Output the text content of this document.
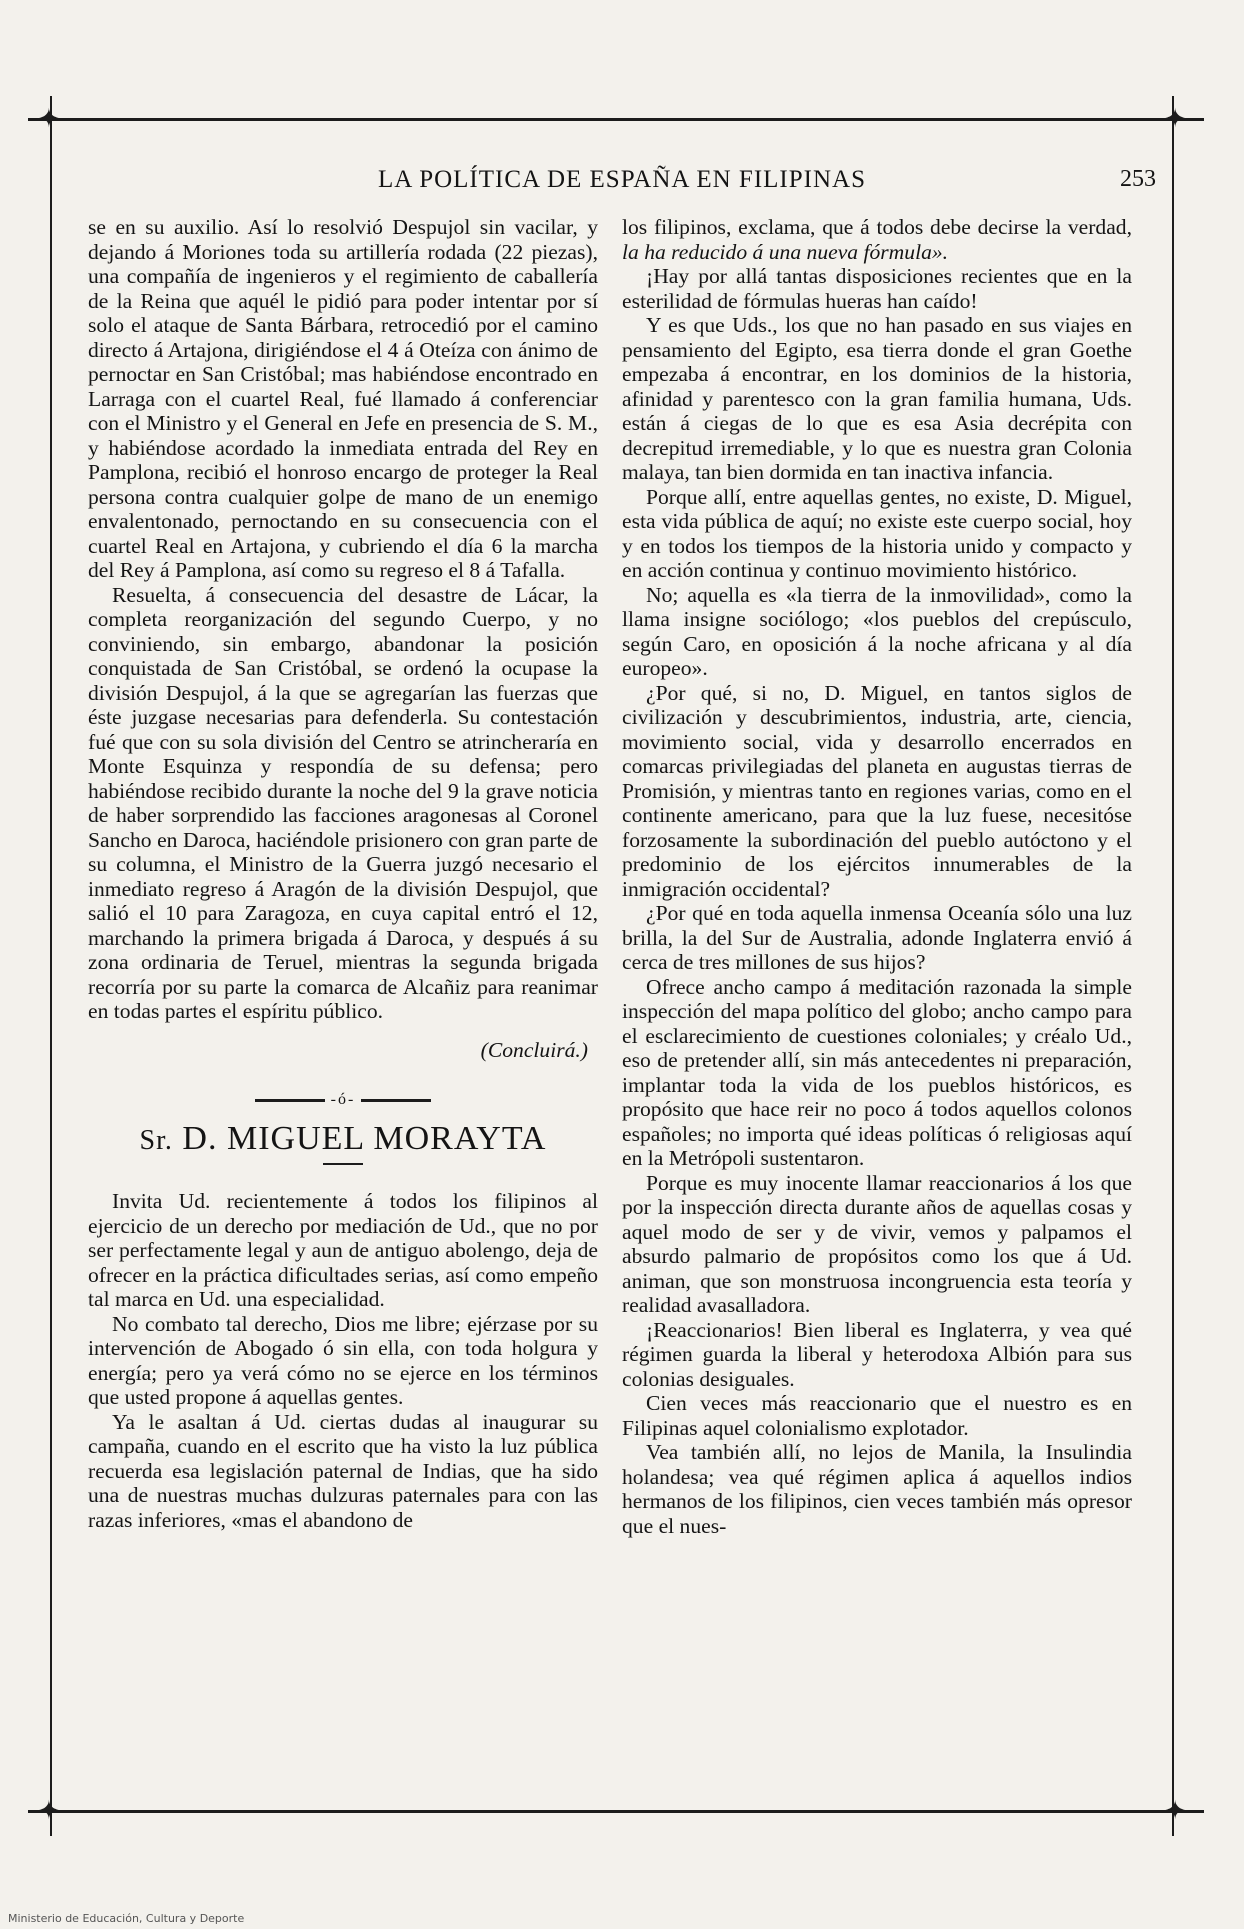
✦	✦
✦	✦
LA POLÍTICA DE ESPAÑA EN FILIPINAS	253

se en su auxilio. Así lo resolvió Despujol sin vacilar, y dejando á Moriones toda su artillería rodada (22 piezas), una compañía de ingenieros y el regimiento de caballería de la Reina que aquél le pidió para poder intentar por sí solo el ataque de Santa Bárbara, retrocedió por el camino directo á Artajona, dirigiéndose el 4 á Oteíza con ánimo de pernoctar en San Cristóbal; mas habiéndose encontrado en Larraga con el cuartel Real, fué llamado á conferenciar con el Ministro y el General en Jefe en presencia de S. M., y habiéndose acordado la inmediata entrada del Rey en Pamplona, recibió el honroso encargo de proteger la Real persona contra cualquier golpe de mano de un enemigo envalentonado, pernoctando en su consecuencia con el cuartel Real en Artajona, y cubriendo el día 6 la marcha del Rey á Pamplona, así como su regreso el 8 á Tafalla.

Resuelta, á consecuencia del desastre de Lácar, la completa reorganización del segundo Cuerpo, y no conviniendo, sin embargo, abandonar la posición conquistada de San Cristóbal, se ordenó la ocupase la división Despujol, á la que se agregarían las fuerzas que éste juzgase necesarias para defenderla. Su contestación fué que con su sola división del Centro se atrincheraría en Monte Esquinza y respondía de su defensa; pero habiéndose recibido durante la noche del 9 la grave noticia de haber sorprendido las facciones aragonesas al Coronel Sancho en Daroca, haciéndole prisionero con gran parte de su columna, el Ministro de la Guerra juzgó necesario el inmediato regreso á Aragón de la división Despujol, que salió el 10 para Zaragoza, en cuya capital entró el 12, marchando la primera brigada á Daroca, y después á su zona ordinaria de Teruel, mientras la segunda brigada recorría por su parte la comarca de Alcañiz para reanimar en todas partes el espíritu público.

(Concluirá.)

-ó-
Sr. D. MIGUEL MORAYTA

Invita Ud. recientemente á todos los filipinos al ejercicio de un derecho por mediación de Ud., que no por ser perfectamente legal y aun de antiguo abolengo, deja de ofrecer en la práctica dificultades serias, así como empeño tal marca en Ud. una especialidad.

No combato tal derecho, Dios me libre; ejérzase por su intervención de Abogado ó sin ella, con toda holgura y energía; pero ya verá cómo no se ejerce en los términos que usted propone á aquellas gentes.

Ya le asaltan á Ud. ciertas dudas al inaugurar su campaña, cuando en el escrito que ha visto la luz pública recuerda esa legislación paternal de Indias, que ha sido una de nuestras muchas dulzuras paternales para con las razas inferiores, «mas el abandono de

los filipinos, exclama, que á todos debe decirse la verdad, la ha reducido á una nueva fórmula».

¡Hay por allá tantas disposiciones recientes que en la esterilidad de fórmulas hueras han caído!

Y es que Uds., los que no han pasado en sus viajes en pensamiento del Egipto, esa tierra donde el gran Goethe empezaba á encontrar, en los dominios de la historia, afinidad y parentesco con la gran familia humana, Uds. están á ciegas de lo que es esa Asia decrépita con decrepitud irremediable, y lo que es nuestra gran Colonia malaya, tan bien dormida en tan inactiva infancia.

Porque allí, entre aquellas gentes, no existe, D. Miguel, esta vida pública de aquí; no existe este cuerpo social, hoy y en todos los tiempos de la historia unido y compacto y en acción continua y continuo movimiento histórico.

No; aquella es «la tierra de la inmovilidad», como la llama insigne sociólogo; «los pueblos del crepúsculo, según Caro, en oposición á la noche africana y al día europeo».

¿Por qué, si no, D. Miguel, en tantos siglos de civilización y descubrimientos, industria, arte, ciencia, movimiento social, vida y desarrollo encerrados en comarcas privilegiadas del planeta en augustas tierras de Promisión, y mientras tanto en regiones varias, como en el continente americano, para que la luz fuese, necesitóse forzosamente la subordinación del pueblo autóctono y el predominio de los ejércitos innumerables de la inmigración occidental?

¿Por qué en toda aquella inmensa Oceanía sólo una luz brilla, la del Sur de Australia, adonde Inglaterra envió á cerca de tres millones de sus hijos?

Ofrece ancho campo á meditación razonada la simple inspección del mapa político del globo; ancho campo para el esclarecimiento de cuestiones coloniales; y créalo Ud., eso de pretender allí, sin más antecedentes ni preparación, implantar toda la vida de los pueblos históricos, es propósito que hace reir no poco á todos aquellos colonos españoles; no importa qué ideas políticas ó religiosas aquí en la Metrópoli sustentaron.

Porque es muy inocente llamar reaccionarios á los que por la inspección directa durante años de aquellas cosas y aquel modo de ser y de vivir, vemos y palpamos el absurdo palmario de propósitos como los que á Ud. animan, que son monstruosa incongruencia esta teoría y realidad avasalladora.

¡Reaccionarios! Bien liberal es Inglaterra, y vea qué régimen guarda la liberal y heterodoxa Albión para sus colonias desiguales.

Cien veces más reaccionario que el nuestro es en Filipinas aquel colonialismo explotador.

Vea también allí, no lejos de Manila, la Insulindia holandesa; vea qué régimen aplica á aquellos indios hermanos de los filipinos, cien veces también más opresor que el nues-

Ministerio de Educación, Cultura y Deporte
